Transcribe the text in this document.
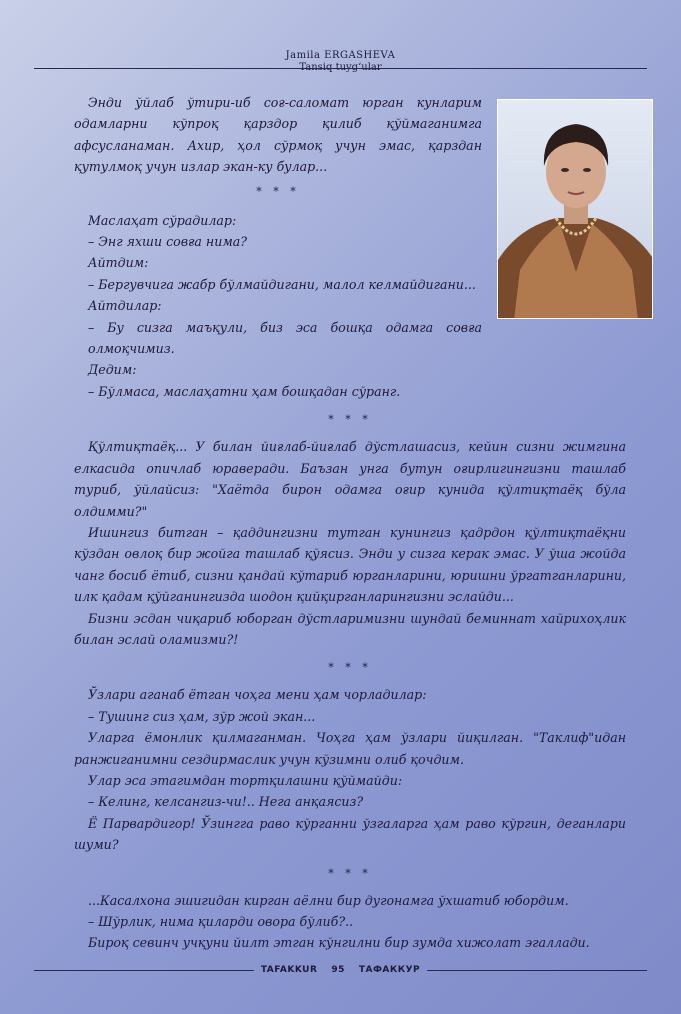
Jamila ERGASHEVA

Энди ўйлаб ўтири-иб соғ-саломат юрган кунларим одамларни кўпроқ қарздор қилиб қўймаганимга афсусланаман. Ахир, ҳол сўрмоқ учун эмас, қарздан қутулмоқ учун излар экан-ку булар...

* * *

Маслаҳат сўрадилар:

– Энг яхши совға нима?

Айтдим:

– Бергувчига жабр бўлмайдигани, малол келмайдигани...

Айтдилар:

– Бу сизга маъқули, биз эса бошқа одамга совға олмоқчимиз.

Дедим:

– Бўлмаса, маслаҳатни ҳам бошқадан сўранг.

* * *

Қўлтиқтаёқ... У билан йиғлаб-йиғлаб дўстлашасиз, кейин сизни жимгина елкасида опичлаб юраверади. Баъзан унга бутун оғирлигингизни ташлаб туриб, ўйлайсиз: "Хаётда бирон одамга оғир кунида қўлтиқтаёқ бўла олдимми?"

Ишингиз битган – қаддингизни тутган кунингиз қадрдон қўлтиқтаёқни кўздан овлоқ бир жойга ташлаб қўясиз. Энди у сизга керак эмас. У ўша жойда чанг босиб ётиб, сизни қандай кўтариб юрганларини, юришни ўргатганларини, илк қадам қўйганингизда шодон қийқирганларингизни эслайди...

Бизни эсдан чиқариб юборган дўстларимизни шундай беминнат хайрихоҳлик билан эслай оламизми?!

* * *

Ўзлари аганаб ётган чоҳга мени ҳам чорладилар:

– Тушинг сиз ҳам, зўр жой экан...

Уларга ёмонлик қилмаганман. Чоҳга ҳам ўзлари йиқилган. "Таклиф"идан ранжиганимни сездирмаслик учун кўзимни олиб қочдим.

Улар эса этагимдан тортқилашни қўймайди:

– Келинг, келсангиз-чи!.. Нега анқаясиз?

Ё Парвардигор! Ўзингга раво кўрганни ўзгаларга ҳам раво кўргин, деганлари шуми?

* * *

...Касалхона эшигидан кирган аёлни бир дугонамга ўхшатиб юбордим.

– Шўрлик, нима қиларди овора бўлиб?..

Бироқ севинч учқуни йилт этган кўнгилни бир зумда хижолат эгаллади.

TAFAKKUR	95	ТАФАККУР
